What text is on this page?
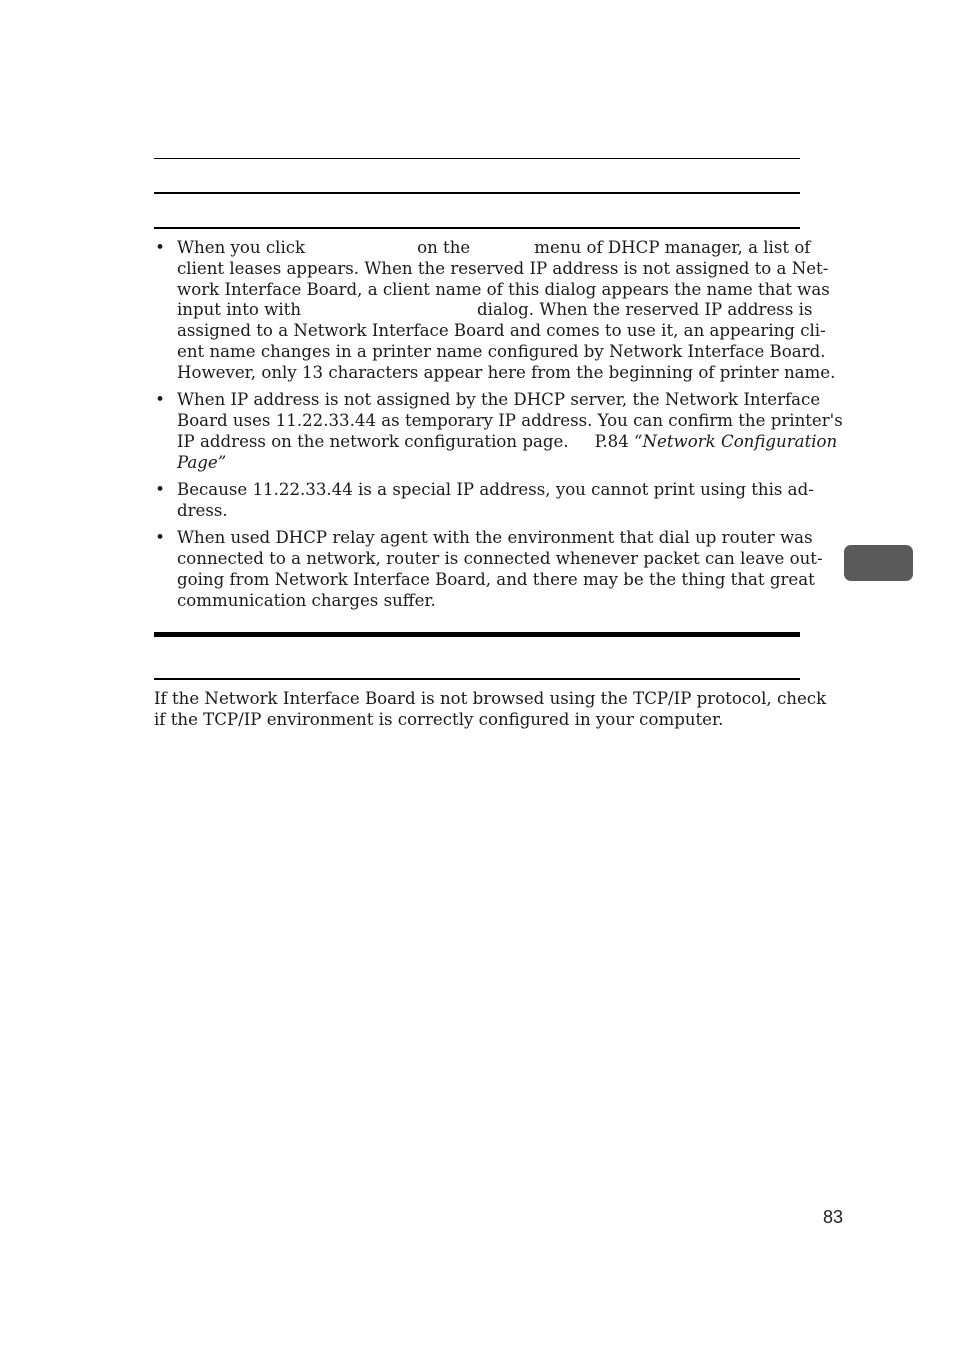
• When you click	on the	menu of DHCP manager, a list of
client leases appears. When the reserved IP address is not assigned to a Net-
work Interface Board, a client name of this dialog appears the name that was
input into with	dialog. When the reserved IP address is
assigned to a Network Interface Board and comes to use it, an appearing cli-
ent name changes in a printer name configured by Network Interface Board.
However, only 13 characters appear here from the beginning of printer name.
• When IP address is not assigned by the DHCP server, the Network Interface
Board uses 11.22.33.44 as temporary IP address. You can confirm the printer's
IP address on the network configuration page. P.84 “Network Configuration
Page”
• Because 11.22.33.44 is a special IP address, you cannot print using this ad-
dress.
• When used DHCP relay agent with the environment that dial up router was
connected to a network, router is connected whenever packet can leave out-
going from Network Interface Board, and there may be the thing that great
communication charges suffer.
If the Network Interface Board is not browsed using the TCP/IP protocol, check
if the TCP/IP environment is correctly configured in your computer.
83
